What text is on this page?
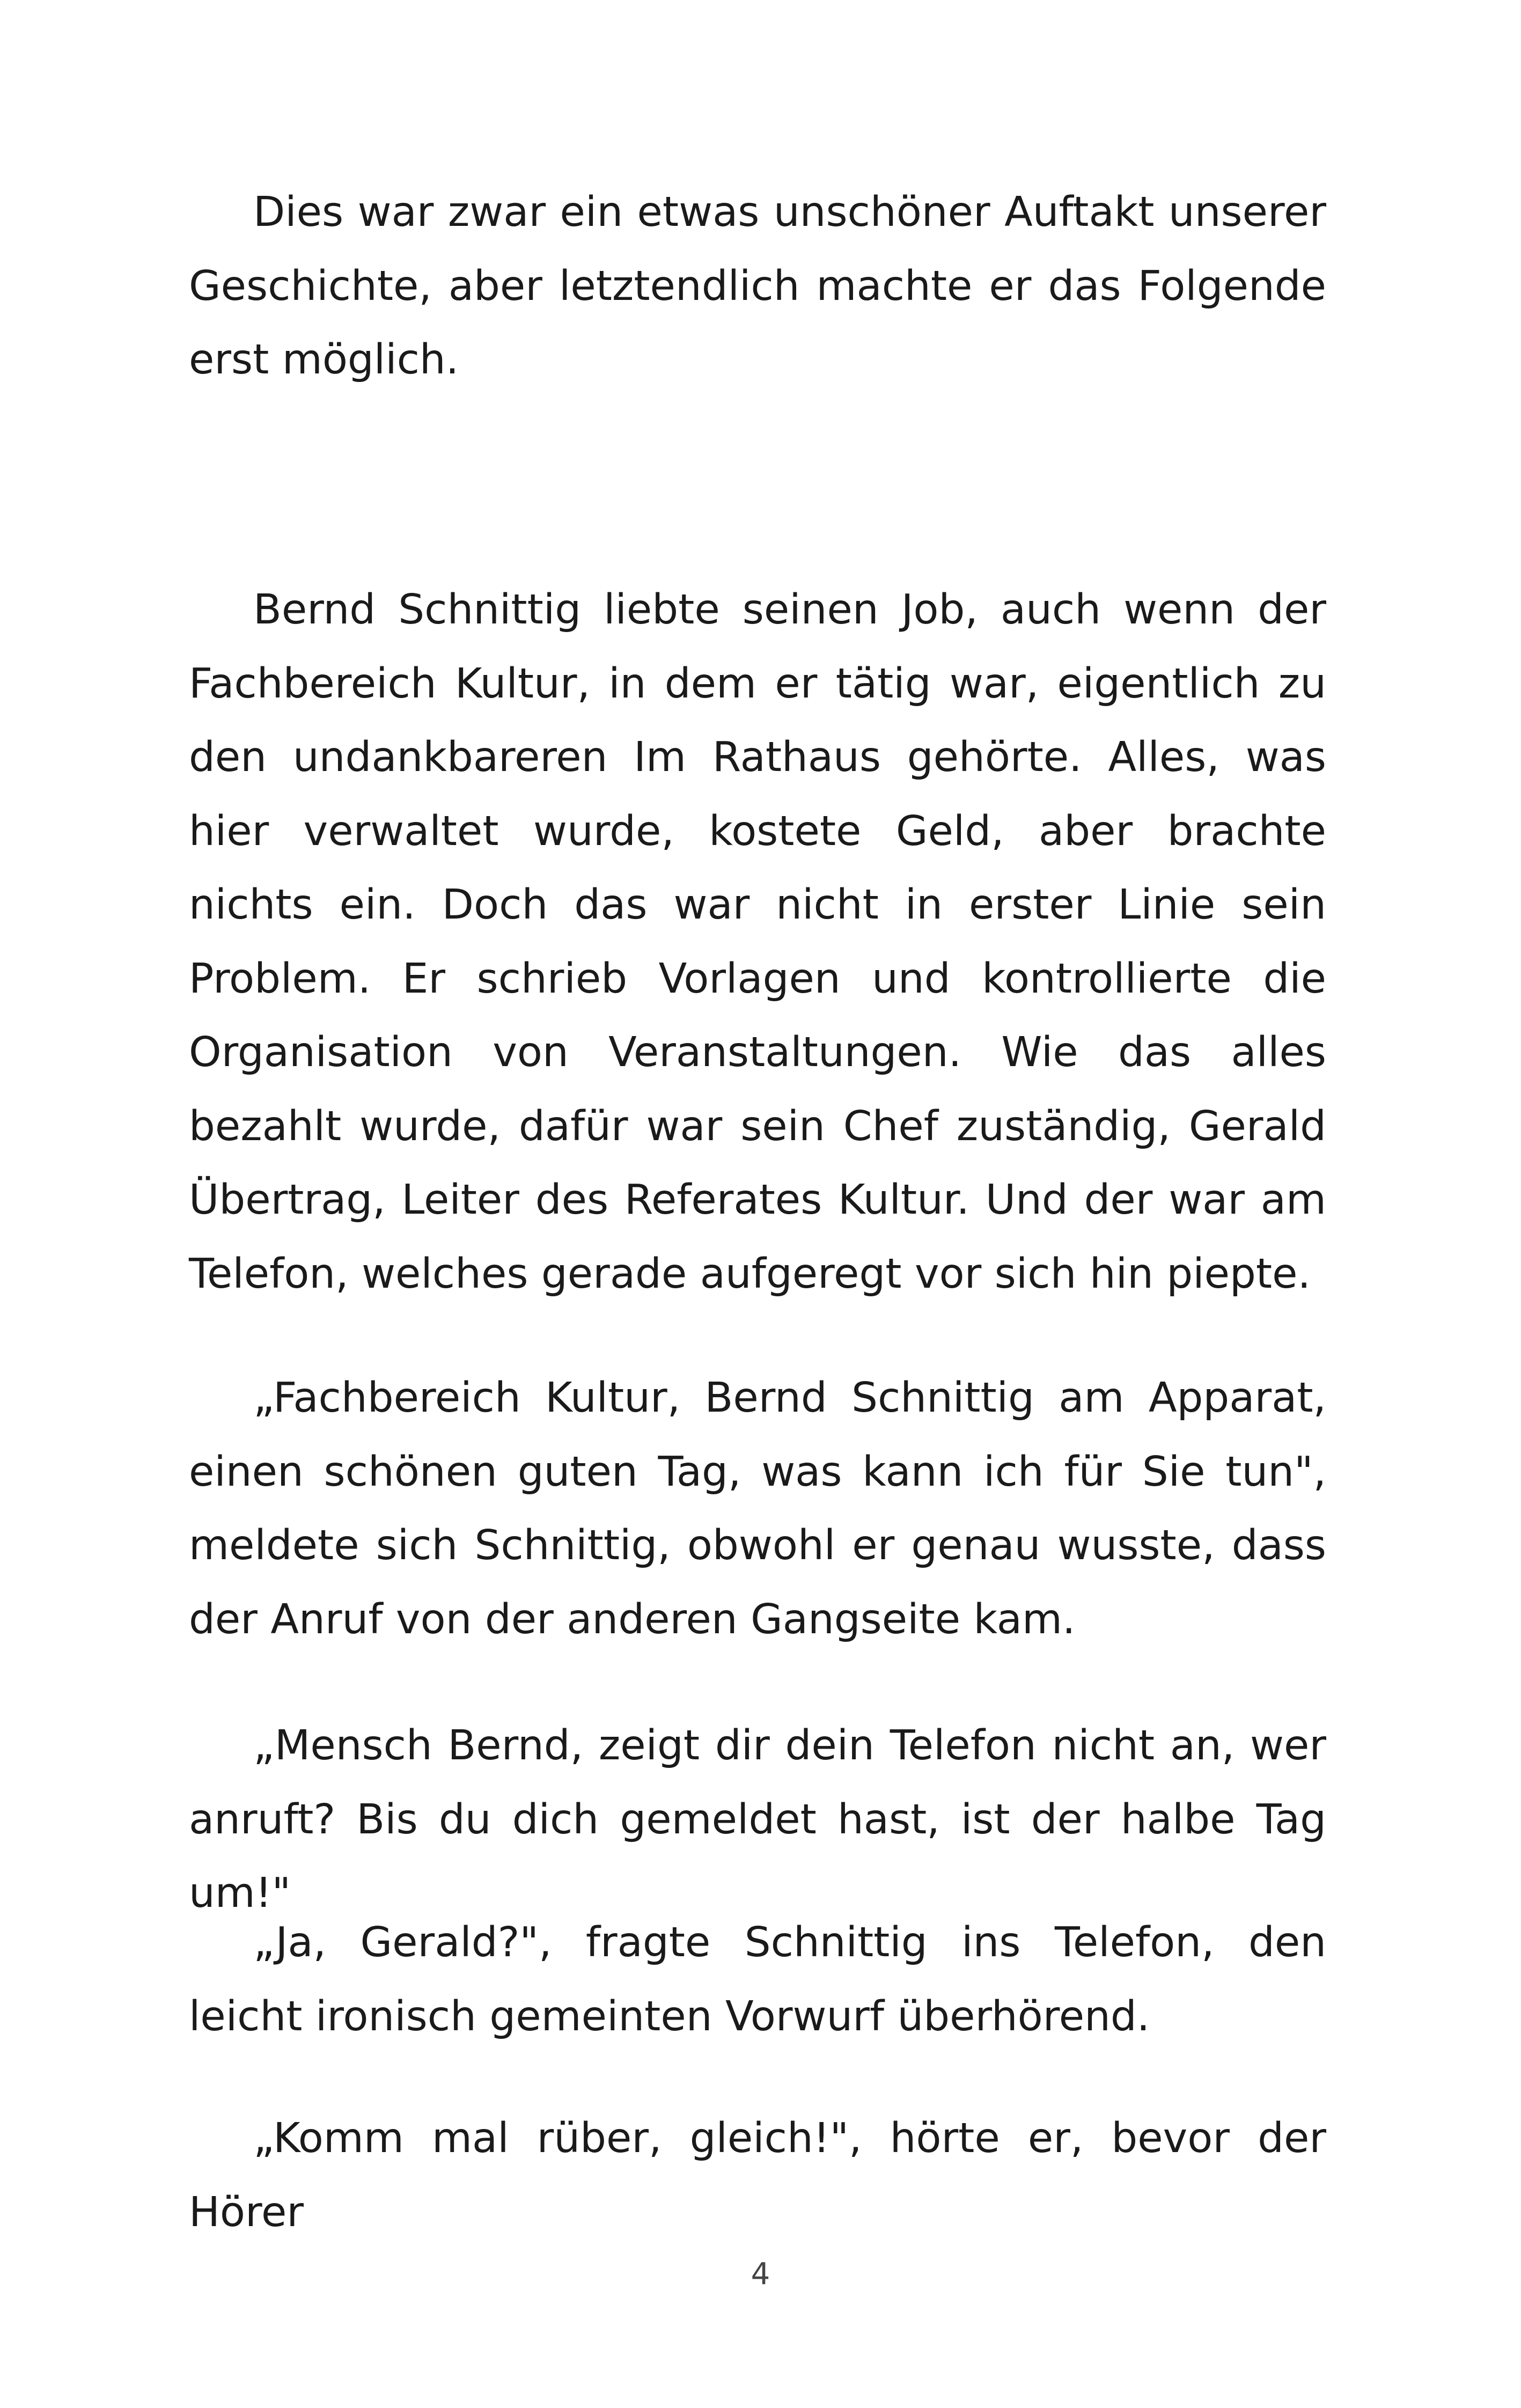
Dies war zwar ein etwas unschöner Auftakt unserer Geschichte, aber letztendlich machte er das Folgende erst möglich.

Bernd Schnittig liebte seinen Job, auch wenn der Fachbereich Kultur, in dem er tätig war, eigentlich zu den undankbareren Im Rathaus gehörte. Alles, was hier verwaltet wurde, kostete Geld, aber brachte nichts ein. Doch das war nicht in erster Linie sein Problem. Er schrieb Vorlagen und kontrollierte die Organisation von Veranstaltungen. Wie das alles bezahlt wurde, dafür war sein Chef zuständig, Gerald Übertrag, Leiter des Referates Kultur. Und der war am Telefon, welches gerade aufgeregt vor sich hin piepte.

„Fachbereich Kultur, Bernd Schnittig am Apparat, einen schönen guten Tag, was kann ich für Sie tun", meldete sich Schnittig, obwohl er genau wusste, dass der Anruf von der anderen Gangseite kam.

„Mensch Bernd, zeigt dir dein Telefon nicht an, wer anruft? Bis du dich gemeldet hast, ist der halbe Tag um!"

„Ja, Gerald?", fragte Schnittig ins Telefon, den leicht ironisch gemeinten Vorwurf überhörend.

„Komm mal rüber, gleich!", hörte er, bevor der Hörer

4
